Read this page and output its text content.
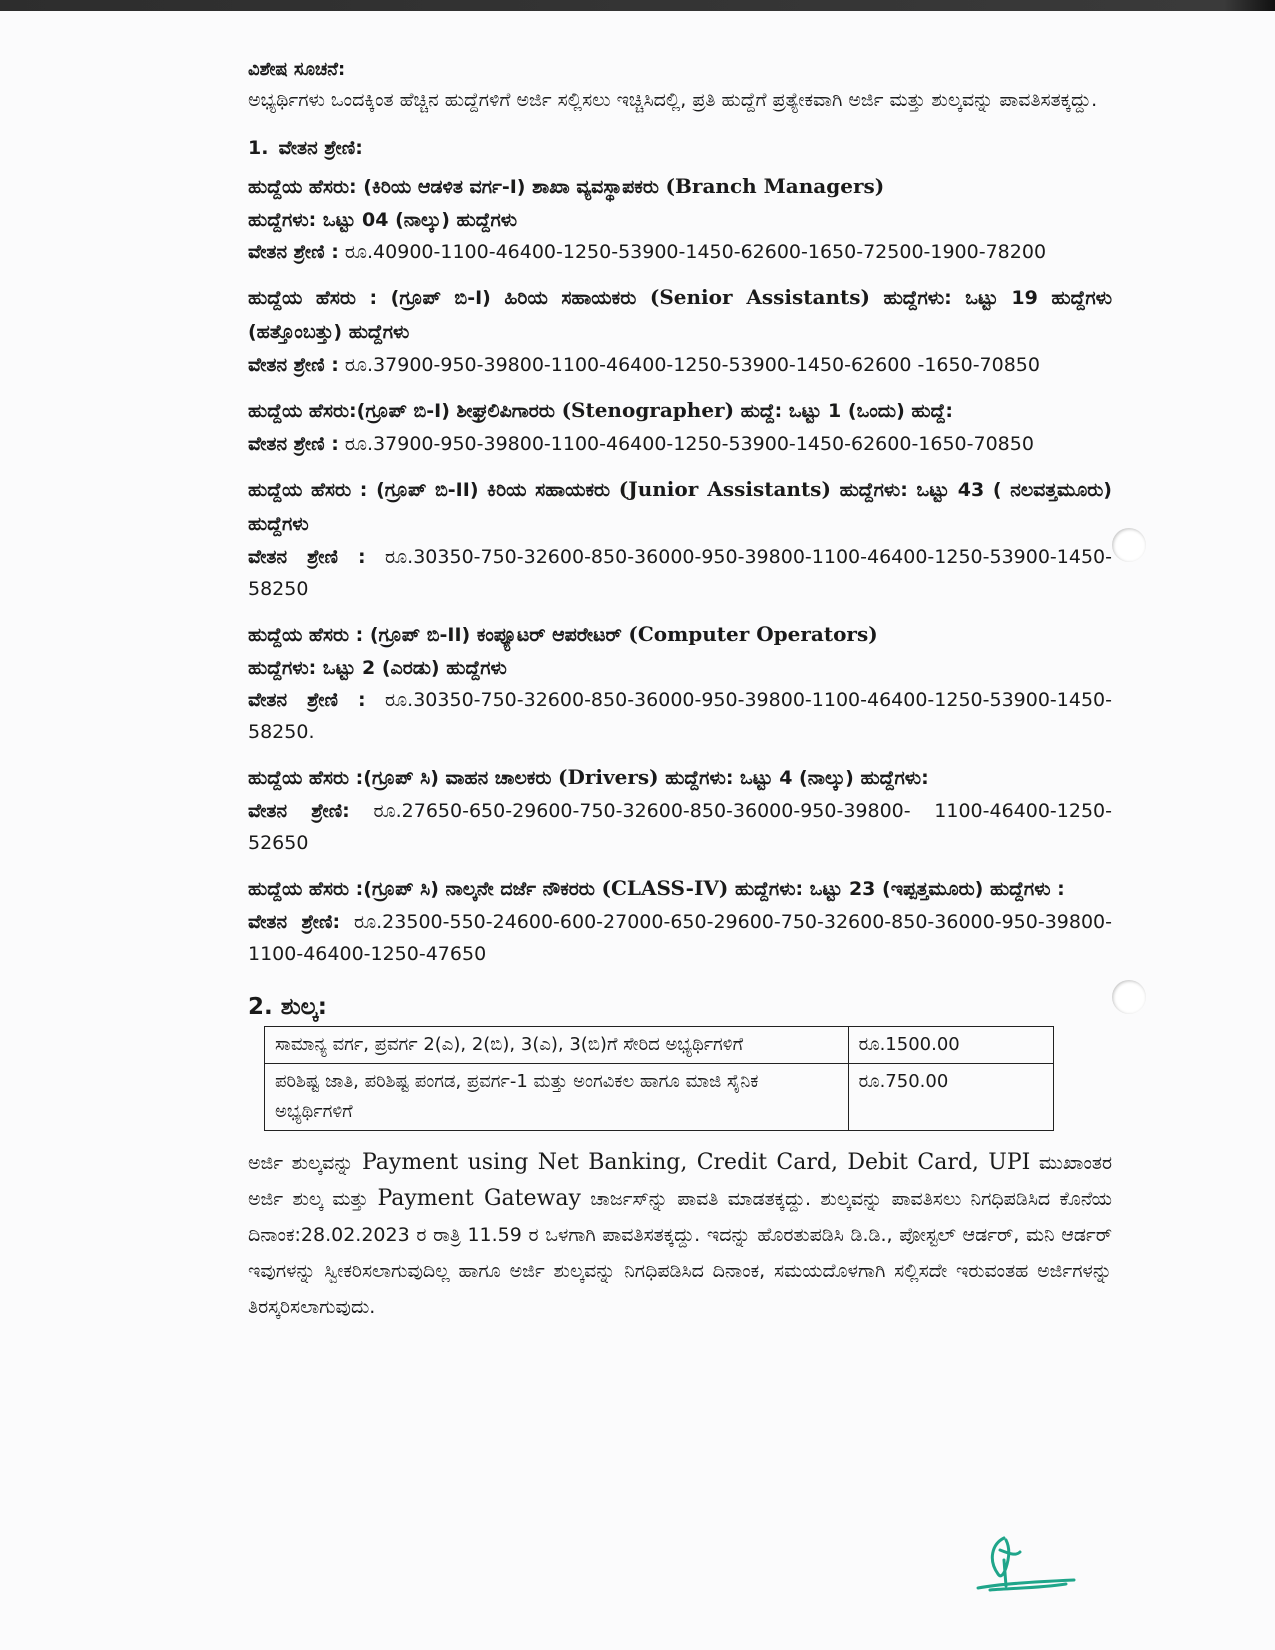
ವಿಶೇಷ ಸೂಚನೆ:

ಅಭ್ಯರ್ಥಿಗಳು ಒಂದಕ್ಕಿಂತ ಹೆಚ್ಚಿನ ಹುದ್ದೆಗಳಿಗೆ ಅರ್ಜಿ ಸಲ್ಲಿಸಲು ಇಚ್ಚಿಸಿದಲ್ಲಿ, ಪ್ರತಿ ಹುದ್ದೆಗೆ ಪ್ರತ್ಯೇಕವಾಗಿ ಅರ್ಜಿ ಮತ್ತು ಶುಲ್ಕವನ್ನು ಪಾವತಿಸತಕ್ಕದ್ದು.

1. ವೇತನ ಶ್ರೇಣಿ:

ಹುದ್ದೆಯ ಹೆಸರು: (ಕಿರಿಯ ಆಡಳಿತ ವರ್ಗ-I) ಶಾಖಾ ವ್ಯವಸ್ಥಾಪಕರು (Branch Managers)

ಹುದ್ದೆಗಳು: ಒಟ್ಟು 04 (ನಾಲ್ಕು) ಹುದ್ದೆಗಳು

ವೇತನ ಶ್ರೇಣಿ : ರೂ.40900-1100-46400-1250-53900-1450-62600-1650-72500-1900-78200

ಹುದ್ದೆಯ ಹೆಸರು : (ಗ್ರೂಪ್ ಬಿ-I) ಹಿರಿಯ ಸಹಾಯಕರು (Senior Assistants) ಹುದ್ದೆಗಳು: ಒಟ್ಟು 19 ಹುದ್ದೆಗಳು (ಹತ್ತೊಂಬತ್ತು) ಹುದ್ದೆಗಳು

ವೇತನ ಶ್ರೇಣಿ : ರೂ.37900-950-39800-1100-46400-1250-53900-1450-62600 -1650-70850

ಹುದ್ದೆಯ ಹೆಸರು:(ಗ್ರೂಪ್ ಬಿ-I) ಶೀಘ್ರಲಿಪಿಗಾರರು (Stenographer) ಹುದ್ದೆ: ಒಟ್ಟು 1 (ಒಂದು) ಹುದ್ದೆ:

ವೇತನ ಶ್ರೇಣಿ : ರೂ.37900-950-39800-1100-46400-1250-53900-1450-62600-1650-70850

ಹುದ್ದೆಯ ಹೆಸರು : (ಗ್ರೂಪ್ ಬಿ-II) ಕಿರಿಯ ಸಹಾಯಕರು (Junior Assistants) ಹುದ್ದೆಗಳು: ಒಟ್ಟು 43 ( ನಲವತ್ತಮೂರು) ಹುದ್ದೆಗಳು

ವೇತನ ಶ್ರೇಣಿ : ರೂ.30350-750-32600-850-36000-950-39800-1100-46400-1250-53900-1450-58250

ಹುದ್ದೆಯ ಹೆಸರು : (ಗ್ರೂಪ್ ಬಿ-II) ಕಂಪ್ಯೂಟರ್ ಆಪರೇಟರ್ (Computer Operators)

ಹುದ್ದೆಗಳು: ಒಟ್ಟು 2 (ಎರಡು) ಹುದ್ದೆಗಳು

ವೇತನ ಶ್ರೇಣಿ : ರೂ.30350-750-32600-850-36000-950-39800-1100-46400-1250-53900-1450-58250.

ಹುದ್ದೆಯ ಹೆಸರು :(ಗ್ರೂಪ್ ಸಿ) ವಾಹನ ಚಾಲಕರು (Drivers) ಹುದ್ದೆಗಳು: ಒಟ್ಟು 4 (ನಾಲ್ಕು) ಹುದ್ದೆಗಳು:

ವೇತನ ಶ್ರೇಣಿ: ರೂ.27650-650-29600-750-32600-850-36000-950-39800- 1100-46400-1250-52650

ಹುದ್ದೆಯ ಹೆಸರು :(ಗ್ರೂಪ್ ಸಿ) ನಾಲ್ಕನೇ ದರ್ಜೆ ನೌಕರರು (CLASS-IV) ಹುದ್ದೆಗಳು: ಒಟ್ಟು 23 (ಇಪ್ಪತ್ತಮೂರು) ಹುದ್ದೆಗಳು :

ವೇತನ ಶ್ರೇಣಿ: ರೂ.23500-550-24600-600-27000-650-29600-750-32600-850-36000-950-39800-1100-46400-1250-47650

2. ಶುಲ್ಕ:

ಸಾಮಾನ್ಯ ವರ್ಗ, ಪ್ರವರ್ಗ 2(ಎ), 2(ಬಿ), 3(ಎ), 3(ಬಿ)ಗೆ ಸೇರಿದ ಅಭ್ಯರ್ಥಿಗಳಿಗೆ	ರೂ.1500.00
ಪರಿಶಿಷ್ಟ ಜಾತಿ, ಪರಿಶಿಷ್ಟ ಪಂಗಡ, ಪ್ರವರ್ಗ-1 ಮತ್ತು ಅಂಗವಿಕಲ ಹಾಗೂ ಮಾಜಿ ಸೈನಿಕ ಅಭ್ಯರ್ಥಿಗಳಿಗೆ	ರೂ.750.00

ಅರ್ಜಿ ಶುಲ್ಕವನ್ನು Payment using Net Banking, Credit Card, Debit Card, UPI ಮುಖಾಂತರ ಅರ್ಜಿ ಶುಲ್ಕ ಮತ್ತು Payment Gateway ಚಾರ್ಜಸ್‌ನ್ನು ಪಾವತಿ ಮಾಡತಕ್ಕದ್ದು. ಶುಲ್ಕವನ್ನು ಪಾವತಿಸಲು ನಿಗಧಿಪಡಿಸಿದ ಕೊನೆಯ ದಿನಾಂಕ:28.02.2023 ರ ರಾತ್ರಿ 11.59 ರ ಒಳಗಾಗಿ ಪಾವತಿಸತಕ್ಕದ್ದು. ಇದನ್ನು ಹೊರತುಪಡಿಸಿ ಡಿ.ಡಿ., ಪೋಸ್ಟಲ್ ಆರ್ಡರ್, ಮನಿ ಆರ್ಡರ್ ಇವುಗಳನ್ನು ಸ್ವೀಕರಿಸಲಾಗುವುದಿಲ್ಲ ಹಾಗೂ ಅರ್ಜಿ ಶುಲ್ಕವನ್ನು ನಿಗಧಿಪಡಿಸಿದ ದಿನಾಂಕ, ಸಮಯದೊಳಗಾಗಿ ಸಲ್ಲಿಸದೇ ಇರುವಂತಹ ಅರ್ಜಿಗಳನ್ನು ತಿರಸ್ಕರಿಸಲಾಗುವುದು.
